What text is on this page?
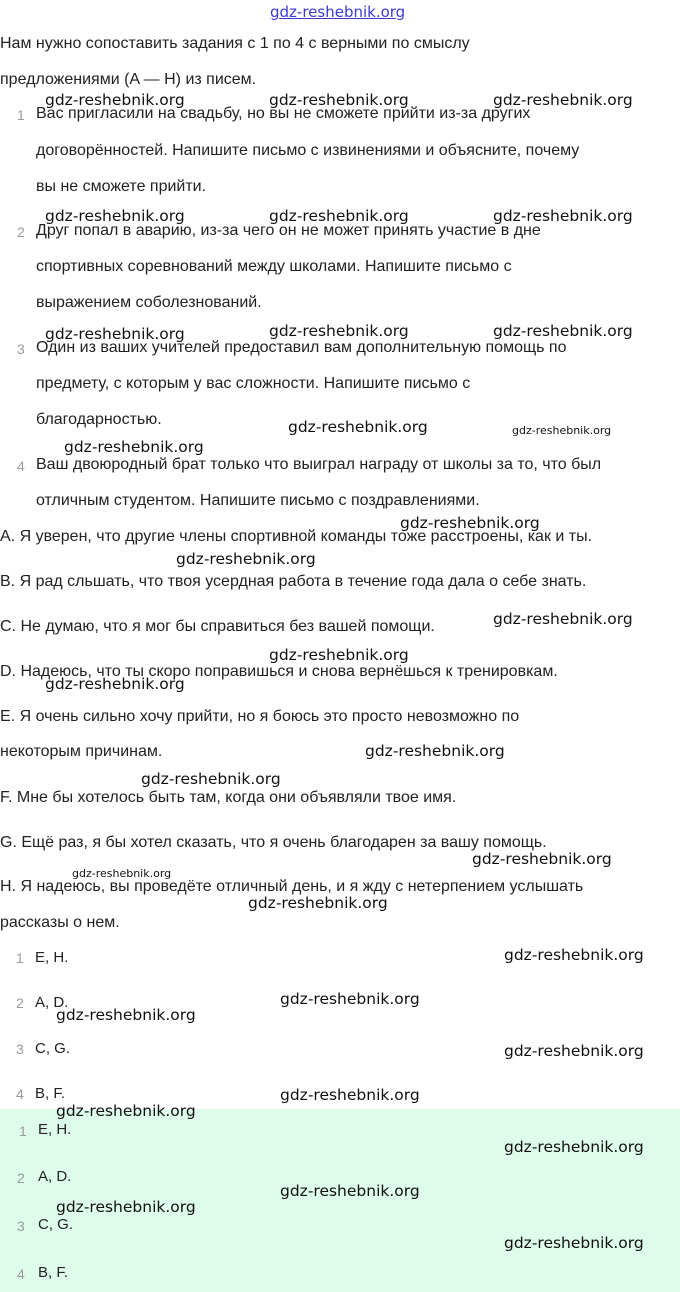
gdz-reshebnik.org
Нам нужно сопоставить задания с 1 по 4 с верными по смыслу
предложениями (A — H) из писем.
1 Вас пригласили на свадьбу, но вы не сможете прийти из-за других
договорённостей. Напишите письмо с извинениями и объясните, почему
вы не сможете прийти.
2 Друг попал в аварию, из-за чего он не может принять участие в дне
спортивных соревнований между школами. Напишите письмо с
выражением соболезнований.
3 Один из ваших учителей предоставил вам дополнительную помощь по
предмету, с которым у вас сложности. Напишите письмо с
благодарностью.
4 Ваш двоюродный брат только что выиграл награду от школы за то, что был
отличным студентом. Напишите письмо с поздравлениями.
A. Я уверен, что другие члены спортивной команды тоже расстроены, как и ты.
B. Я рад сльшать, что твоя усердная работа в течение года дала о себе знать.
C. Не думаю, что я мог бы справиться без вашей помощи.
D. Надеюсь, что ты скоро поправишься и снова вернёшься к тренировкам.
E. Я очень сильно хочу прийти, но я боюсь это просто невозможно по
некоторым причинам.
F. Мне бы хотелось быть там, когда они объявляли твое имя.
G. Ещё раз, я бы хотел сказать, что я очень благодарен за вашу помощь.
H. Я надеюсь, вы проведёте отличный день, и я жду с нетерпением услышать
рассказы о нем.
1 E, H.
2 A, D.
3 C, G.
4 B, F.
1 E, H.
2 A, D.
3 C, G.
4 B, F.
gdz-reshebnik.org	gdz-reshebnik.org	gdz-reshebnik.org
gdz-reshebnik.org	gdz-reshebnik.org	gdz-reshebnik.org
gdz-reshebnik.org	gdz-reshebnik.org	gdz-reshebnik.org
gdz-reshebnik.org
gdz-reshebnik.org	gdz-reshebnik.org
gdz-reshebnik.org
gdz-reshebnik.org
gdz-reshebnik.org
gdz-reshebnik.org
gdz-reshebnik.org
gdz-reshebnik.org
gdz-reshebnik.org
gdz-reshebnik.org
gdz-reshebnik.org
gdz-reshebnik.org
gdz-reshebnik.org
gdz-reshebnik.org
gdz-reshebnik.org
gdz-reshebnik.org
gdz-reshebnik.org
gdz-reshebnik.org
gdz-reshebnik.org
gdz-reshebnik.org
gdz-reshebnik.org
gdz-reshebnik.org
